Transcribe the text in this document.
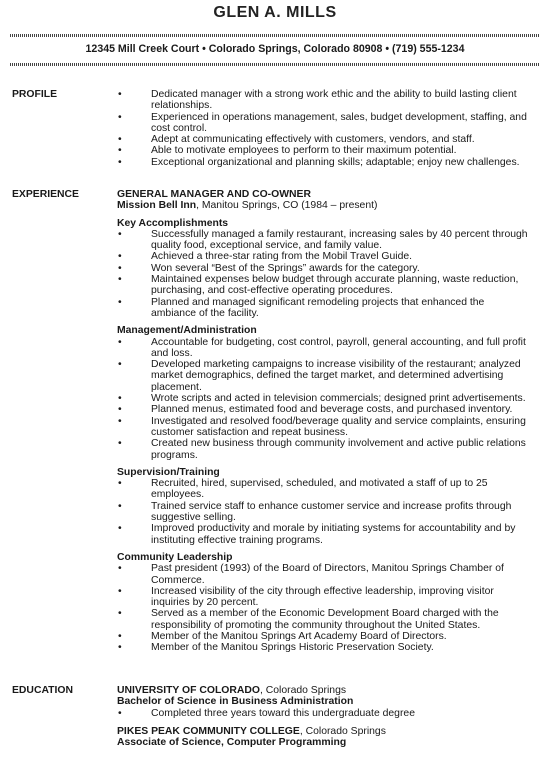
GLEN A. MILLS
12345 Mill Creek Court • Colorado Springs, Colorado 80908 • (719) 555-1234
PROFILE
•	Dedicated manager with a strong work ethic and the ability to build lasting client relationships.
• Experienced in operations management, sales, budget development, staffing, and cost control.
• Adept at communicating effectively with customers, vendors, and staff.
• Able to motivate employees to perform to their maximum potential.
• Exceptional organizational and planning skills; adaptable; enjoy new challenges.
EXPERIENCE	GENERAL MANAGER AND CO-OWNER
Mission Bell Inn, Manitou Springs, CO (1984 – present)
Key Accomplishments
• Successfully managed a family restaurant, increasing sales by 40 percent through quality food, exceptional service, and family value.
• Achieved a three-star rating from the Mobil Travel Guide.
• Won several “Best of the Springs” awards for the category.
• Maintained expenses below budget through accurate planning, waste reduction, purchasing, and cost-effective operating procedures.
• Planned and managed significant remodeling projects that enhanced the ambiance of the facility.
Management/Administration
• Accountable for budgeting, cost control, payroll, general accounting, and full profit and loss.
• Developed marketing campaigns to increase visibility of the restaurant; analyzed market demographics, defined the target market, and determined advertising placement.
• Wrote scripts and acted in television commercials; designed print advertisements.
• Planned menus, estimated food and beverage costs, and purchased inventory.
• Investigated and resolved food/beverage quality and service complaints, ensuring customer satisfaction and repeat business.
• Created new business through community involvement and active public relations programs.
Supervision/Training
• Recruited, hired, supervised, scheduled, and motivated a staff of up to 25 employees.
• Trained service staff to enhance customer service and increase profits through suggestive selling.
• Improved productivity and morale by initiating systems for accountability and by instituting effective training programs.
Community Leadership
• Past president (1993) of the Board of Directors, Manitou Springs Chamber of Commerce.
• Increased visibility of the city through effective leadership, improving visitor inquiries by 20 percent.
• Served as a member of the Economic Development Board charged with the responsibility of promoting the community throughout the United States.
• Member of the Manitou Springs Art Academy Board of Directors.
• Member of the Manitou Springs Historic Preservation Society.
EDUCATION	UNIVERSITY OF COLORADO, Colorado Springs
Bachelor of Science in Business Administration
• Completed three years toward this undergraduate degree
PIKES PEAK COMMUNITY COLLEGE, Colorado Springs
Associate of Science, Computer Programming
